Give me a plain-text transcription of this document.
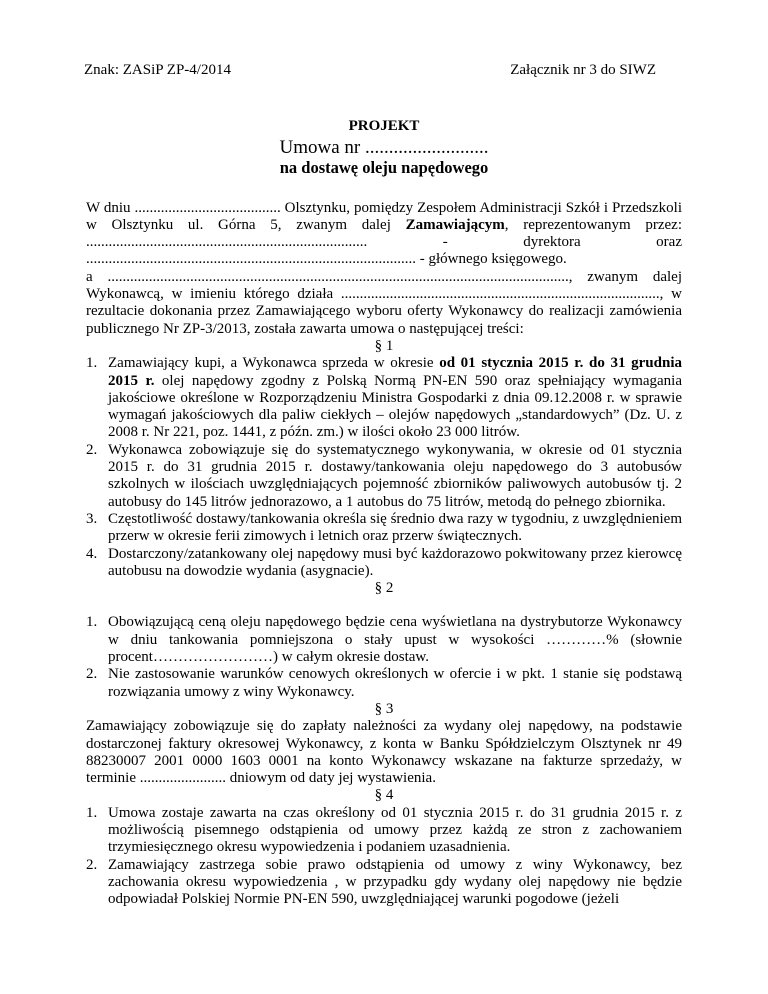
Znak: ZASiP ZP-4/2014	Załącznik nr 3 do SIWZ
PROJEKT
Umowa nr ..........................
na dostawę oleju napędowego

W dniu ....................................... Olsztynku, pomiędzy Zespołem Administracji Szkół i Przedszkoli w Olsztynku ul. Górna 5, zwanym dalej Zamawiającym, reprezentowanym przez: ........................................................................... - dyrektora oraz ........................................................................................ - głównego księgowego.

a ..........................................................................................................................., zwanym dalej Wykonawcą, w imieniu którego działa ....................................................................................., w rezultacie dokonania przez Zamawiającego wyboru oferty Wykonawcy do realizacji zamówienia publicznego Nr ZP-3/2013, została zawarta umowa o następującej treści:

§ 1
1. Zamawiający kupi, a Wykonawca sprzeda w okresie od 01 stycznia 2015 r. do 31 grudnia 2015 r. olej napędowy zgodny z Polską Normą PN-EN 590 oraz spełniający wymagania jakościowe określone w Rozporządzeniu Ministra Gospodarki z dnia 09.12.2008 r. w sprawie wymagań jakościowych dla paliw ciekłych – olejów napędowych „standardowych” (Dz. U. z 2008 r. Nr 221, poz. 1441, z późn. zm.) w ilości około 23 000 litrów.
2. Wykonawca zobowiązuje się do systematycznego wykonywania, w okresie od 01 stycznia 2015 r. do 31 grudnia 2015 r. dostawy/tankowania oleju napędowego do 3 autobusów szkolnych w ilościach uwzględniających pojemność zbiorników paliwowych autobusów tj. 2 autobusy do 145 litrów jednorazowo, a 1 autobus do 75 litrów, metodą do pełnego zbiornika.
3. Częstotliwość dostawy/tankowania określa się średnio dwa razy w tygodniu, z uwzględnieniem przerw w okresie ferii zimowych i letnich oraz przerw świątecznych.
4. Dostarczony/zatankowany olej napędowy musi być każdorazowo pokwitowany przez kierowcę autobusu na dowodzie wydania (asygnacie).
§ 2
1. Obowiązującą ceną oleju napędowego będzie cena wyświetlana na dystrybutorze Wykonawcy w dniu tankowania pomniejszona o stały upust w wysokości …………% (słownie procent……………………) w całym okresie dostaw.
2. Nie zastosowanie warunków cenowych określonych w ofercie i w pkt. 1 stanie się podstawą rozwiązania umowy z winy Wykonawcy.
§ 3

Zamawiający zobowiązuje się do zapłaty należności za wydany olej napędowy, na podstawie dostarczonej faktury okresowej Wykonawcy, z konta w Banku Spółdzielczym Olsztynek nr 49 88230007 2001 0000 1603 0001 na konto Wykonawcy wskazane na fakturze sprzedaży, w terminie ....................... dniowym od daty jej wystawienia.

§ 4
1. Umowa zostaje zawarta na czas określony od 01 stycznia 2015 r. do 31 grudnia 2015 r. z możliwością pisemnego odstąpienia od umowy przez każdą ze stron z zachowaniem trzymiesięcznego okresu wypowiedzenia i podaniem uzasadnienia.
2. Zamawiający zastrzega sobie prawo odstąpienia od umowy z winy Wykonawcy, bez zachowania okresu wypowiedzenia , w przypadku gdy wydany olej napędowy nie będzie odpowiadał Polskiej Normie PN-EN 590, uwzględniającej warunki pogodowe (jeżeli
